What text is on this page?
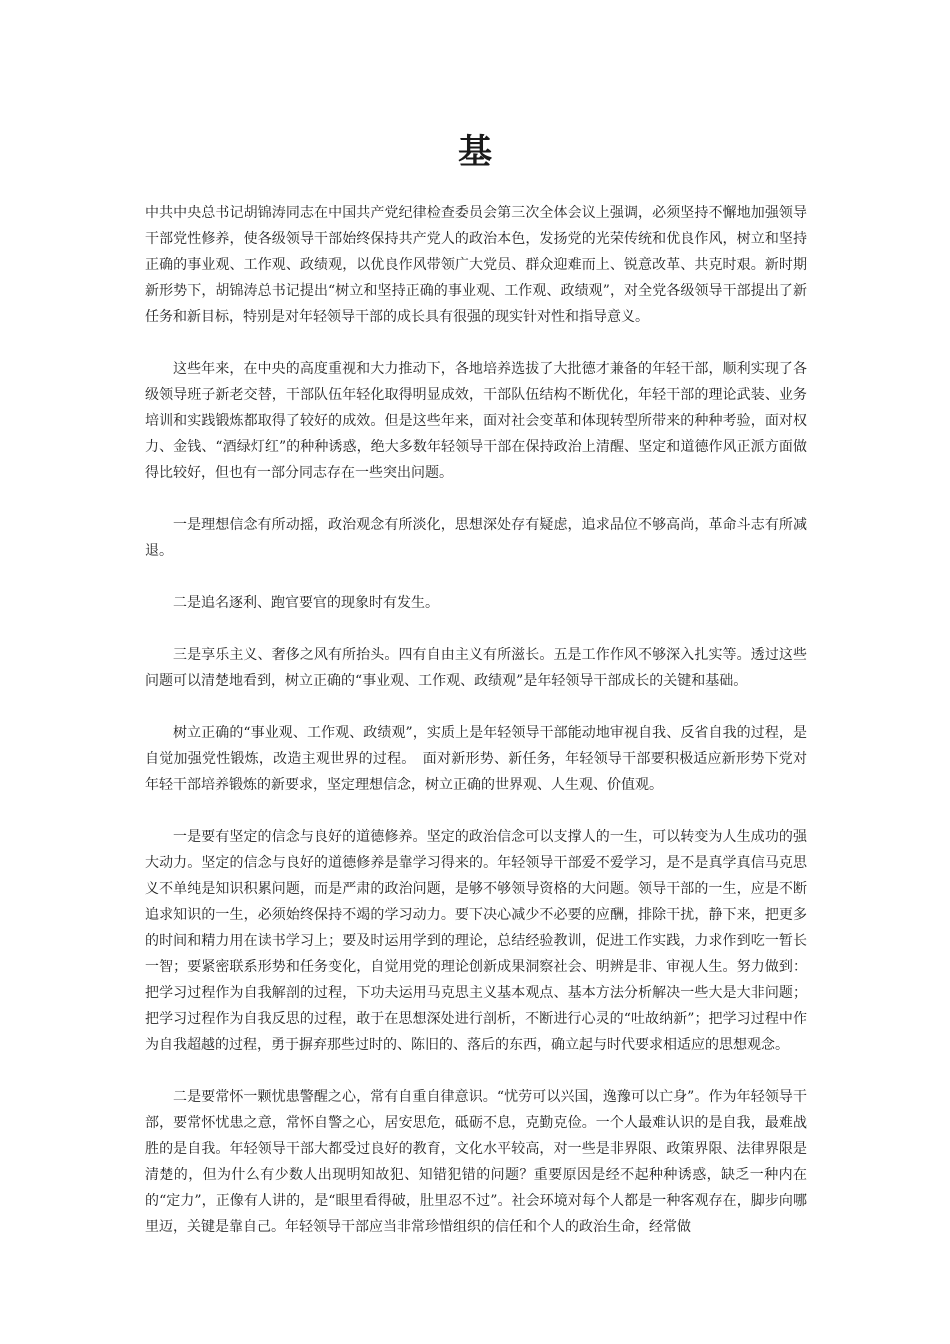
基

中共中央总书记胡锦涛同志在中国共产党纪律检查委员会第三次全体会议上强调，必须坚持不懈地加强领导干部党性修养，使各级领导干部始终保持共产党人的政治本色，发扬党的光荣传统和优良作风，树立和坚持正确的事业观、工作观、政绩观，以优良作风带领广大党员、群众迎难而上、锐意改革、共克时艰。新时期新形势下，胡锦涛总书记提出“树立和坚持正确的事业观、工作观、政绩观”，对全党各级领导干部提出了新任务和新目标，特别是对年轻领导干部的成长具有很强的现实针对性和指导意义。

这些年来，在中央的高度重视和大力推动下，各地培养选拔了大批德才兼备的年轻干部，顺利实现了各级领导班子新老交替，干部队伍年轻化取得明显成效，干部队伍结构不断优化，年轻干部的理论武装、业务培训和实践锻炼都取得了较好的成效。但是这些年来，面对社会变革和体现转型所带来的种种考验，面对权力、金钱、“酒绿灯红”的种种诱惑，绝大多数年轻领导干部在保持政治上清醒、坚定和道德作风正派方面做得比较好，但也有一部分同志存在一些突出问题。

一是理想信念有所动摇，政治观念有所淡化，思想深处存有疑虑，追求品位不够高尚，革命斗志有所减退。

二是追名逐利、跑官要官的现象时有发生。

三是享乐主义、奢侈之风有所抬头。四有自由主义有所滋长。五是工作作风不够深入扎实等。透过这些问题可以清楚地看到，树立正确的“事业观、工作观、政绩观”是年轻领导干部成长的关键和基础。

树立正确的“事业观、工作观、政绩观”，实质上是年轻领导干部能动地审视自我、反省自我的过程，是自觉加强党性锻炼，改造主观世界的过程。　面对新形势、新任务，年轻领导干部要积极适应新形势下党对年轻干部培养锻炼的新要求，坚定理想信念，树立正确的世界观、人生观、价值观。

一是要有坚定的信念与良好的道德修养。坚定的政治信念可以支撑人的一生，可以转变为人生成功的强大动力。坚定的信念与良好的道德修养是靠学习得来的。年轻领导干部爱不爱学习，是不是真学真信马克思义不单纯是知识积累问题，而是严肃的政治问题，是够不够领导资格的大问题。领导干部的一生，应是不断追求知识的一生，必须始终保持不竭的学习动力。要下决心减少不必要的应酬，排除干扰，静下来，把更多的时间和精力用在读书学习上；要及时运用学到的理论，总结经验教训，促进工作实践，力求作到吃一暂长一智；要紧密联系形势和任务变化，自觉用党的理论创新成果洞察社会、明辨是非、审视人生。努力做到：把学习过程作为自我解剖的过程，下功夫运用马克思主义基本观点、基本方法分析解决一些大是大非问题；把学习过程作为自我反思的过程，敢于在思想深处进行剖析，不断进行心灵的“吐故纳新”；把学习过程中作为自我超越的过程，勇于摒弃那些过时的、陈旧的、落后的东西，确立起与时代要求相适应的思想观念。

二是要常怀一颗忧患警醒之心，常有自重自律意识。“忧劳可以兴国，逸豫可以亡身”。作为年轻领导干部，要常怀忧患之意，常怀自警之心，居安思危，砥砺不息，克勤克俭。一个人最难认识的是自我，最难战胜的是自我。年轻领导干部大都受过良好的教育，文化水平较高，对一些是非界限、政策界限、法律界限是清楚的，但为什么有少数人出现明知故犯、知错犯错的问题？重要原因是经不起种种诱惑，缺乏一种内在的“定力”，正像有人讲的，是“眼里看得破，肚里忍不过”。社会环境对每个人都是一种客观存在，脚步向哪里迈，关键是靠自己。年轻领导干部应当非常珍惜组织的信任和个人的政治生命，经常做
